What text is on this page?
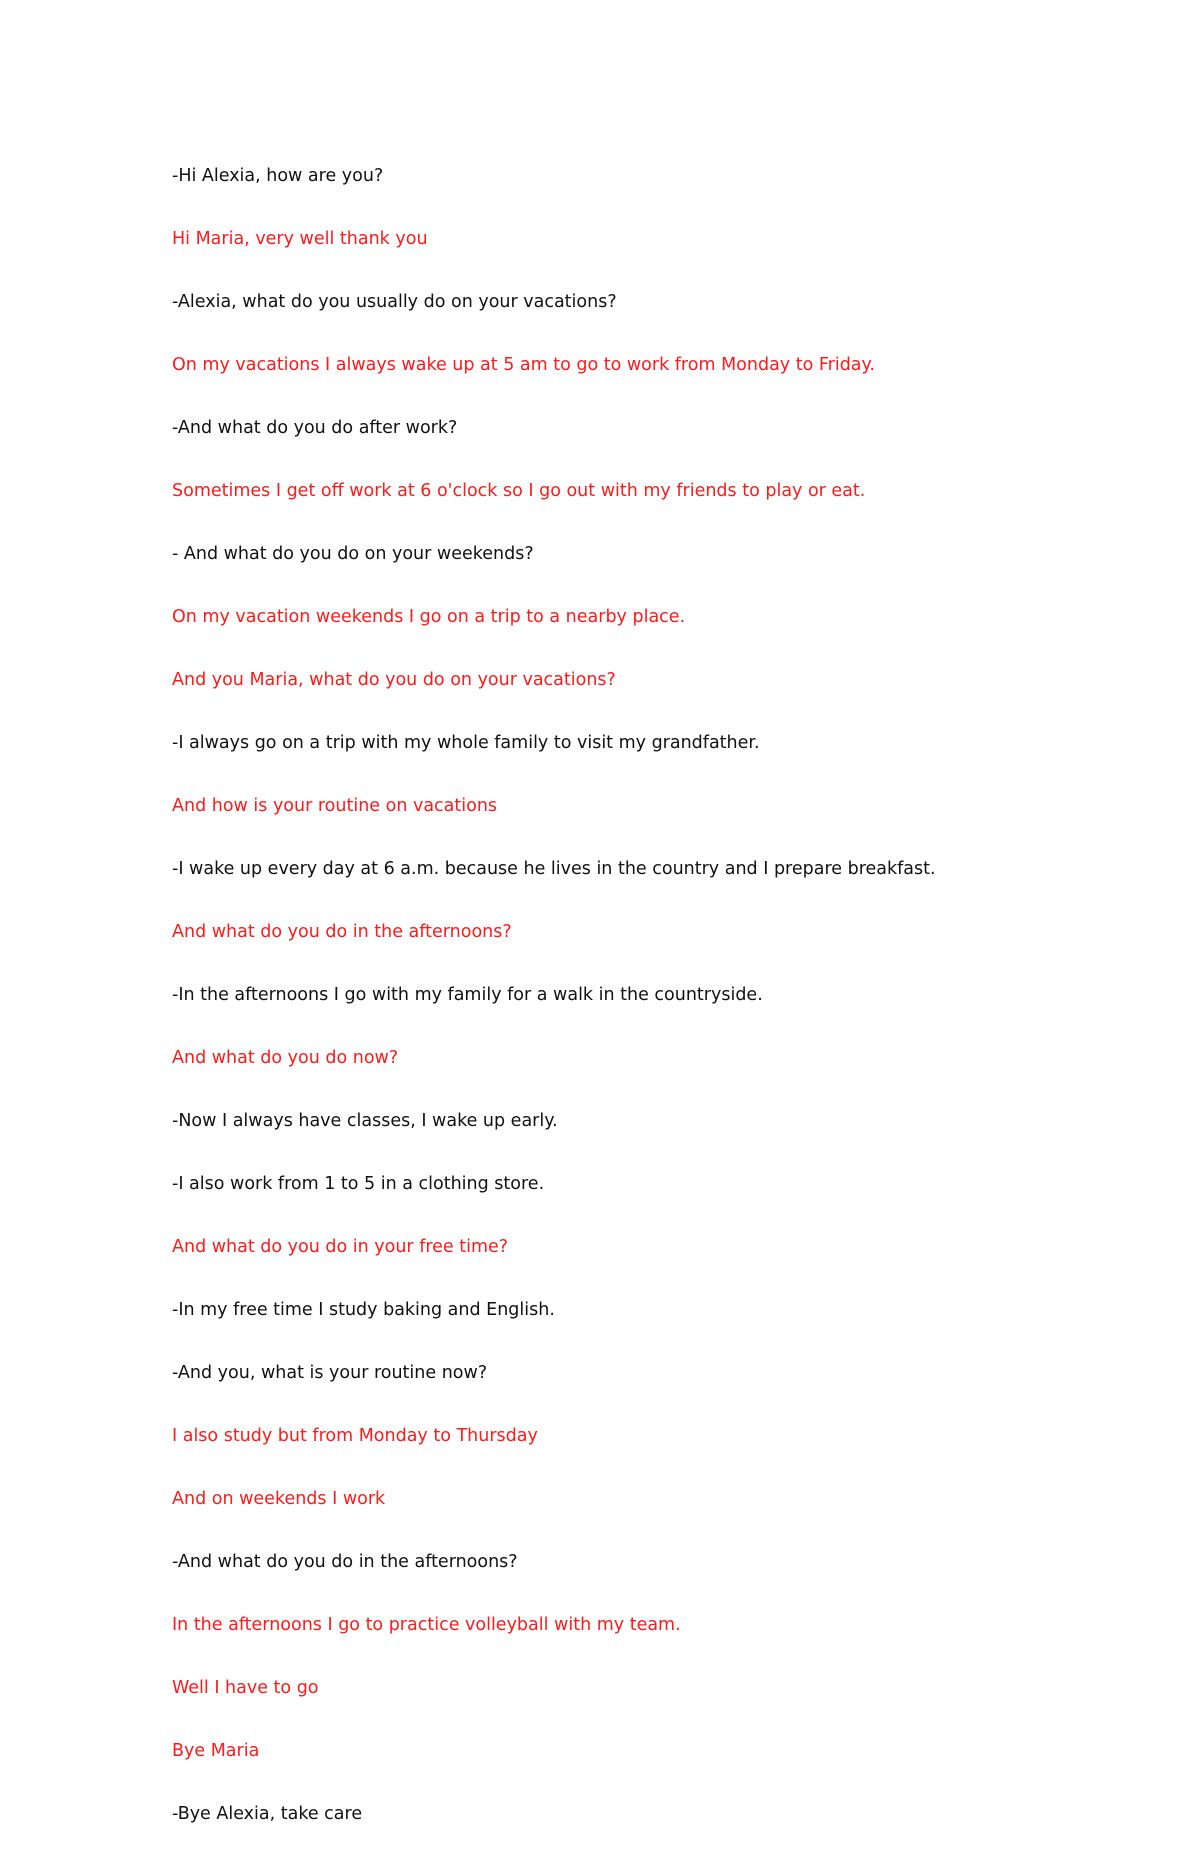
-Hi Alexia, how are you?

Hi Maria, very well thank you

-Alexia, what do you usually do on your vacations?

On my vacations I always wake up at 5 am to go to work from Monday to Friday.

-And what do you do after work?

Sometimes I get off work at 6 o'clock so I go out with my friends to play or eat.

- And what do you do on your weekends?

On my vacation weekends I go on a trip to a nearby place.

And you Maria, what do you do on your vacations?

-I always go on a trip with my whole family to visit my grandfather.

And how is your routine on vacations

-I wake up every day at 6 a.m. because he lives in the country and I prepare breakfast.

And what do you do in the afternoons?

-In the afternoons I go with my family for a walk in the countryside.

And what do you do now?

-Now I always have classes, I wake up early.

-I also work from 1 to 5 in a clothing store.

And what do you do in your free time?

-In my free time I study baking and English.

-And you, what is your routine now?

I also study but from Monday to Thursday

And on weekends I work

-And what do you do in the afternoons?

In the afternoons I go to practice volleyball with my team.

Well I have to go

Bye Maria

-Bye Alexia, take care
